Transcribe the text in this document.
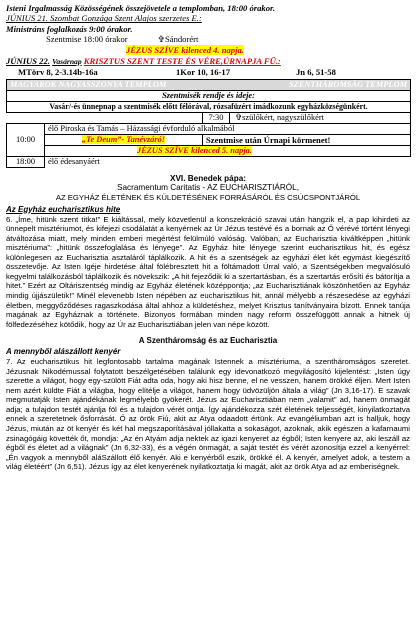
Isteni Irgalmasság Közösségének összejövetele a templomban, 18:00 órakor.
JÚNIUS 21. Szombat Gonzága Szent Alajos szerzetes E.:
Ministráns foglalkozás 9:00 órakor.
Szentmise 18:00 órakor	✞Sándorért
JÉZUS SZÍVE kilenced 4. napja.
JÚNIUS 22. Vasárnap KRISZTUS SZENT TESTE ÉS VÉRE,ÚRNAPJA FÜ.:
MTörv 8, 2-3.14b-16a	1Kor 10, 16-17	Jn 6, 51-58
MAGYAROK NAGYASSZONYA TEMPLOM SZENTHÁROMSÁG TEMPLOM		

Szentmisék rendje és ideje:		
Vasár/-és ünnepnap a szentmisék előtt félórával, rózsafüzért imádkozunk egyházközségünkért.		
		7:30 ✞szülőkért, nagyszülőkért
10:00	élő Piroska és Tamás – Házassági évforduló alkalmából	
	„Te Deum”- Tanévzáró!	Szentmise után Úrnapi körmenet!
	JÉZUS SZÍVE kilenced 5. napja.	
18:00	élő édesanyáért	

XVI. Benedek pápa:

Sacramentum Caritatis - AZ EUCHARISZTIÁRÓL,

AZ EGYHÁZ ÉLETÉNEK ÉS KÜLDETÉSÉNEK FORRÁSÁRÓL ÉS CSÚCSPONTJÁRÓL

Az Egyház eucharisztikus hite

6. „Íme, hitünk szent titka!” E kiáltással, mely közvetlenül a konszekráció szavai után hangzik el, a pap kihirdeti az ünnepelt misztériumot, és kifejezi csodálatát a kenyérnek az Úr Jézus testévé és a bornak az Ő vérévé történt lényegi átváltozása miatt, mely minden emberi megértést felülmúló valóság. Valóban, az Eucharisztia kiváltképpen „hitünk misztériuma”: „hitünk összefoglalása és lényege”. Az Egyház hite lényege szerint eucharisztikus hit, és egész különlegesen az Eucharisztia asztaláról táplálkozik. A hit és a szentségek az egyházi élet két egymást kiegészítő összetevője. Az Isten Igéje hirdetése által fölébresztett hit a föltámadott Úrral való, a Szentségekben megvalósuló kegyelmi találkozásból táplálkozik és növekszik: „A hit fejeződik ki a szertartásban, és a szertartás erősíti és bátorítja a hitet.” Ezért az Oltáriszentség mindig az Egyház életének középpontja; „az Eucharisztiának köszönhetően az Egyház mindig újjászületik!” Minél elevenebb Isten népében az eucharisztikus hit, annál mélyebb a részesedése az egyházi életben, meggyőződéses ragaszkodása által ahhoz a küldetéshez, melyet Krisztus tanítványaira bízott. Ennek tanúja magának az Egyháznak a története. Bizonyos formában minden nagy reform összefüggött annak a hitnek új fölfedezéséhez kötődik, hogy az Úr az Eucharisztiában jelen van népe között.

A Szentháromság és az Eucharisztia

A mennyből alászállott kenyér

7. Az eucharisztikus hit legfontosabb tartalma magának Istennek a misztériuma, a szentháromságos szeretet. Jézusnak Nikodémussal folytatott beszélgetésében találunk egy idevonatkozó megvilágosító kijelentést: „Isten úgy szerette a világot, hogy egy-szülött Fiát adta oda, hogy aki hisz benne, el ne vesszen, hanem örökké éljen. Mert Isten nem azért küldte Fiát a világba, hogy elítélje a világot, hanem hogy üdvözüljön általa a világ” (Jn 3,16-17). E szavak megmutatják Isten ajándékának legmélyebb gyökerét. Jézus az Eucharisztiában nem „valamit” ad, hanem önmagát adja; a tulajdon testét ajánlja föl és a tulajdon vérét ontja. Így ajándékozza szét életének teljességét, kinyilatkoztatva ennek a szeretetnek ősforrását. Ő az örök Fiú, akit az Atya odaadott értünk. Az evangéliumban azt is halljuk, hogy Jézus, miután az öt kenyér és két hal megszaporításával jóllakatta a sokaságot, azoknak, akik egészen a kafarnaumi zsinagógáig követték őt, mondja: „Az én Atyám adja nektek az igazi kenyeret az égből; Isten kenyere az, aki leszáll az égből és életet ad a világnak” (Jn 6,32-33), és a végén önmagát, a saját testét és vérét azonosítja ezzel a kenyérrel: „Én vagyok a mennyből aláSzállott élő kenyér. Aki e kenyérből eszik, örökké él. A kenyér, amelyet adok, a testem a világ életéért” (Jn 6,51). Jézus így az élet kenyerének nyilatkoztatja ki magát, akit az örök Atya ad az emberiségnek.
